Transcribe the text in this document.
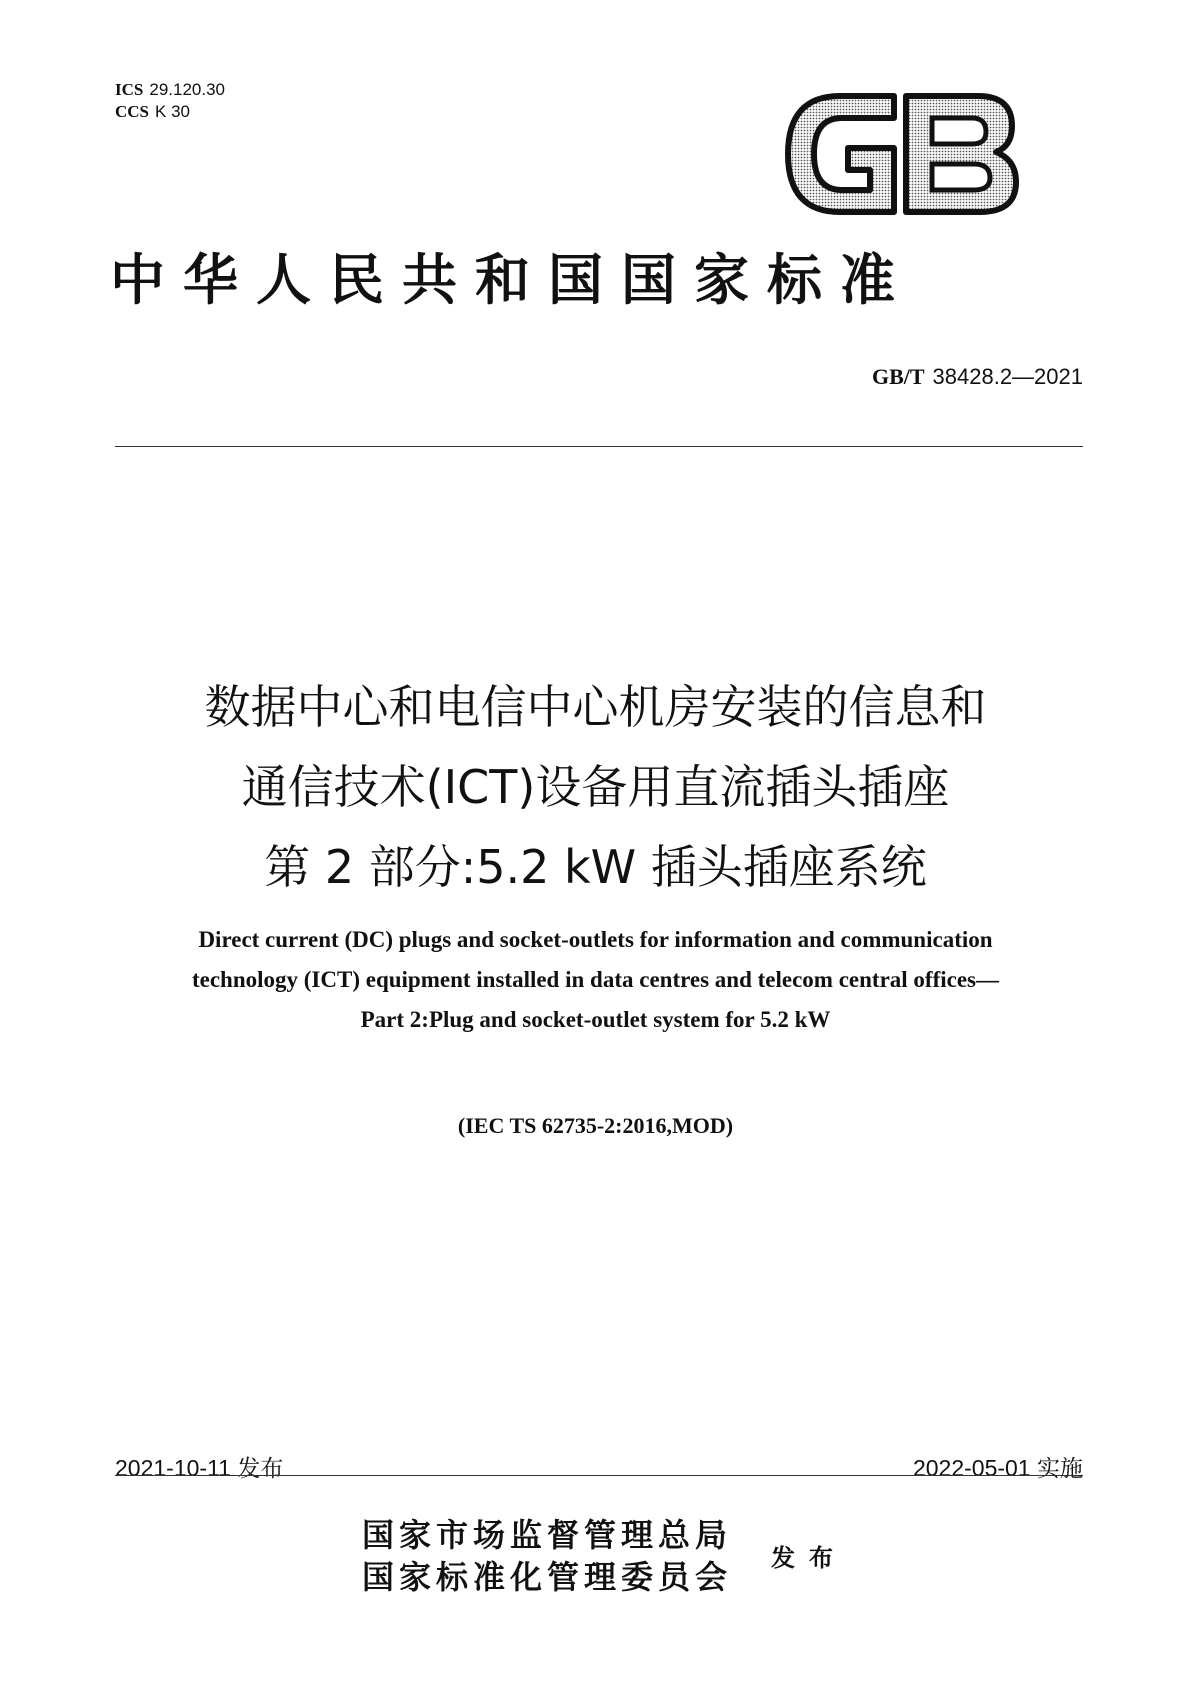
ICS 29.120.30
CCS K 30
GB
中华人民共和国国家标准
GB/T 38428.2—2021
数据中心和电信中心机房安装的信息和
通信技术(ICT)设备用直流插头插座
第 2 部分:5.2 kW 插头插座系统
Direct current (DC) plugs and socket-outlets for information and communication
technology (ICT) equipment installed in data centres and telecom central offices—
Part 2:Plug and socket-outlet system for 5.2 kW
(IEC TS 62735-2:2016,MOD)
2021-10-11 发布	2022-05-01 实施
国家市场监督管理总局
国家标准化管理委员会
发布
